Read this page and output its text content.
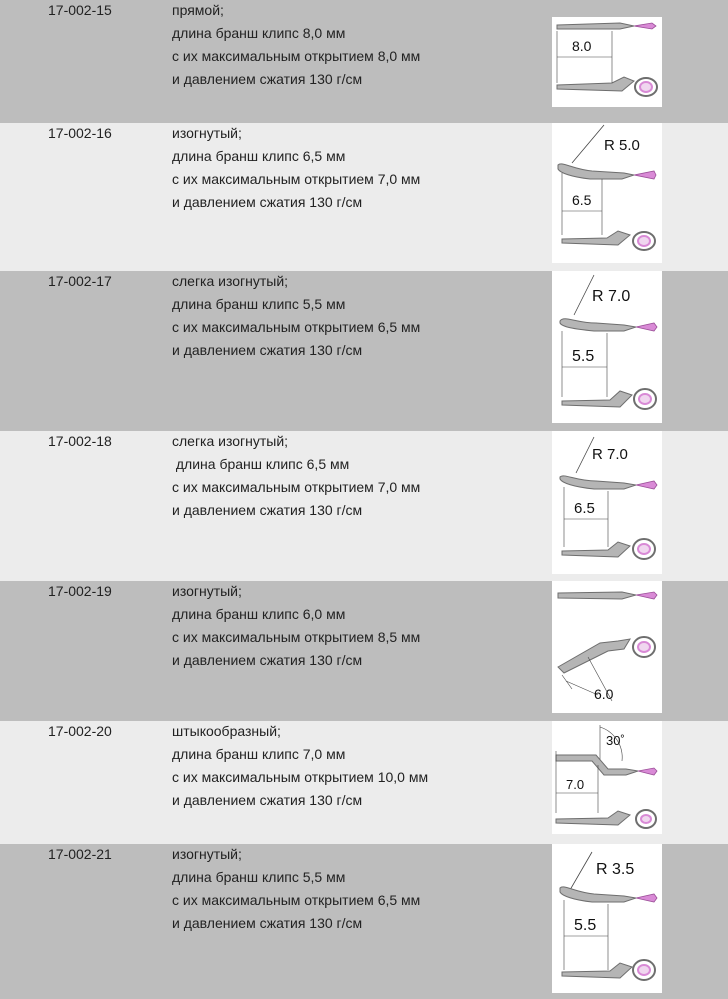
17-002-15	прямой;
длина бранш клипс 8,0 мм
с их максимальным открытием 8,0 мм
и давлением сжатия 130 г/см
8.0
17-002-16	изогнутый;
длина бранш клипс 6,5 мм
с их максимальным открытием 7,0 мм
и давлением сжатия 130 г/см
R 5.0
6.5
17-002-17	слегка изогнутый;
длина бранш клипс 5,5 мм
с их максимальным открытием 6,5 мм
и давлением сжатия 130 г/см
R 7.0
5.5
17-002-18	слегка изогнутый;
длина бранш клипс 6,5 мм
с их максимальным открытием 7,0 мм
и давлением сжатия 130 г/см
R 7.0
6.5
17-002-19	изогнутый;
длина бранш клипс 6,0 мм
с их максимальным открытием 8,5 мм
и давлением сжатия 130 г/см
6.0
17-002-20	штыкообразный;
длина бранш клипс 7,0 мм
с их максимальным открытием 10,0 мм
и давлением сжатия 130 г/см
30˚
7.0
17-002-21	изогнутый;
длина бранш клипс 5,5 мм
с их максимальным открытием 6,5 мм
и давлением сжатия 130 г/см
R 3.5
5.5
